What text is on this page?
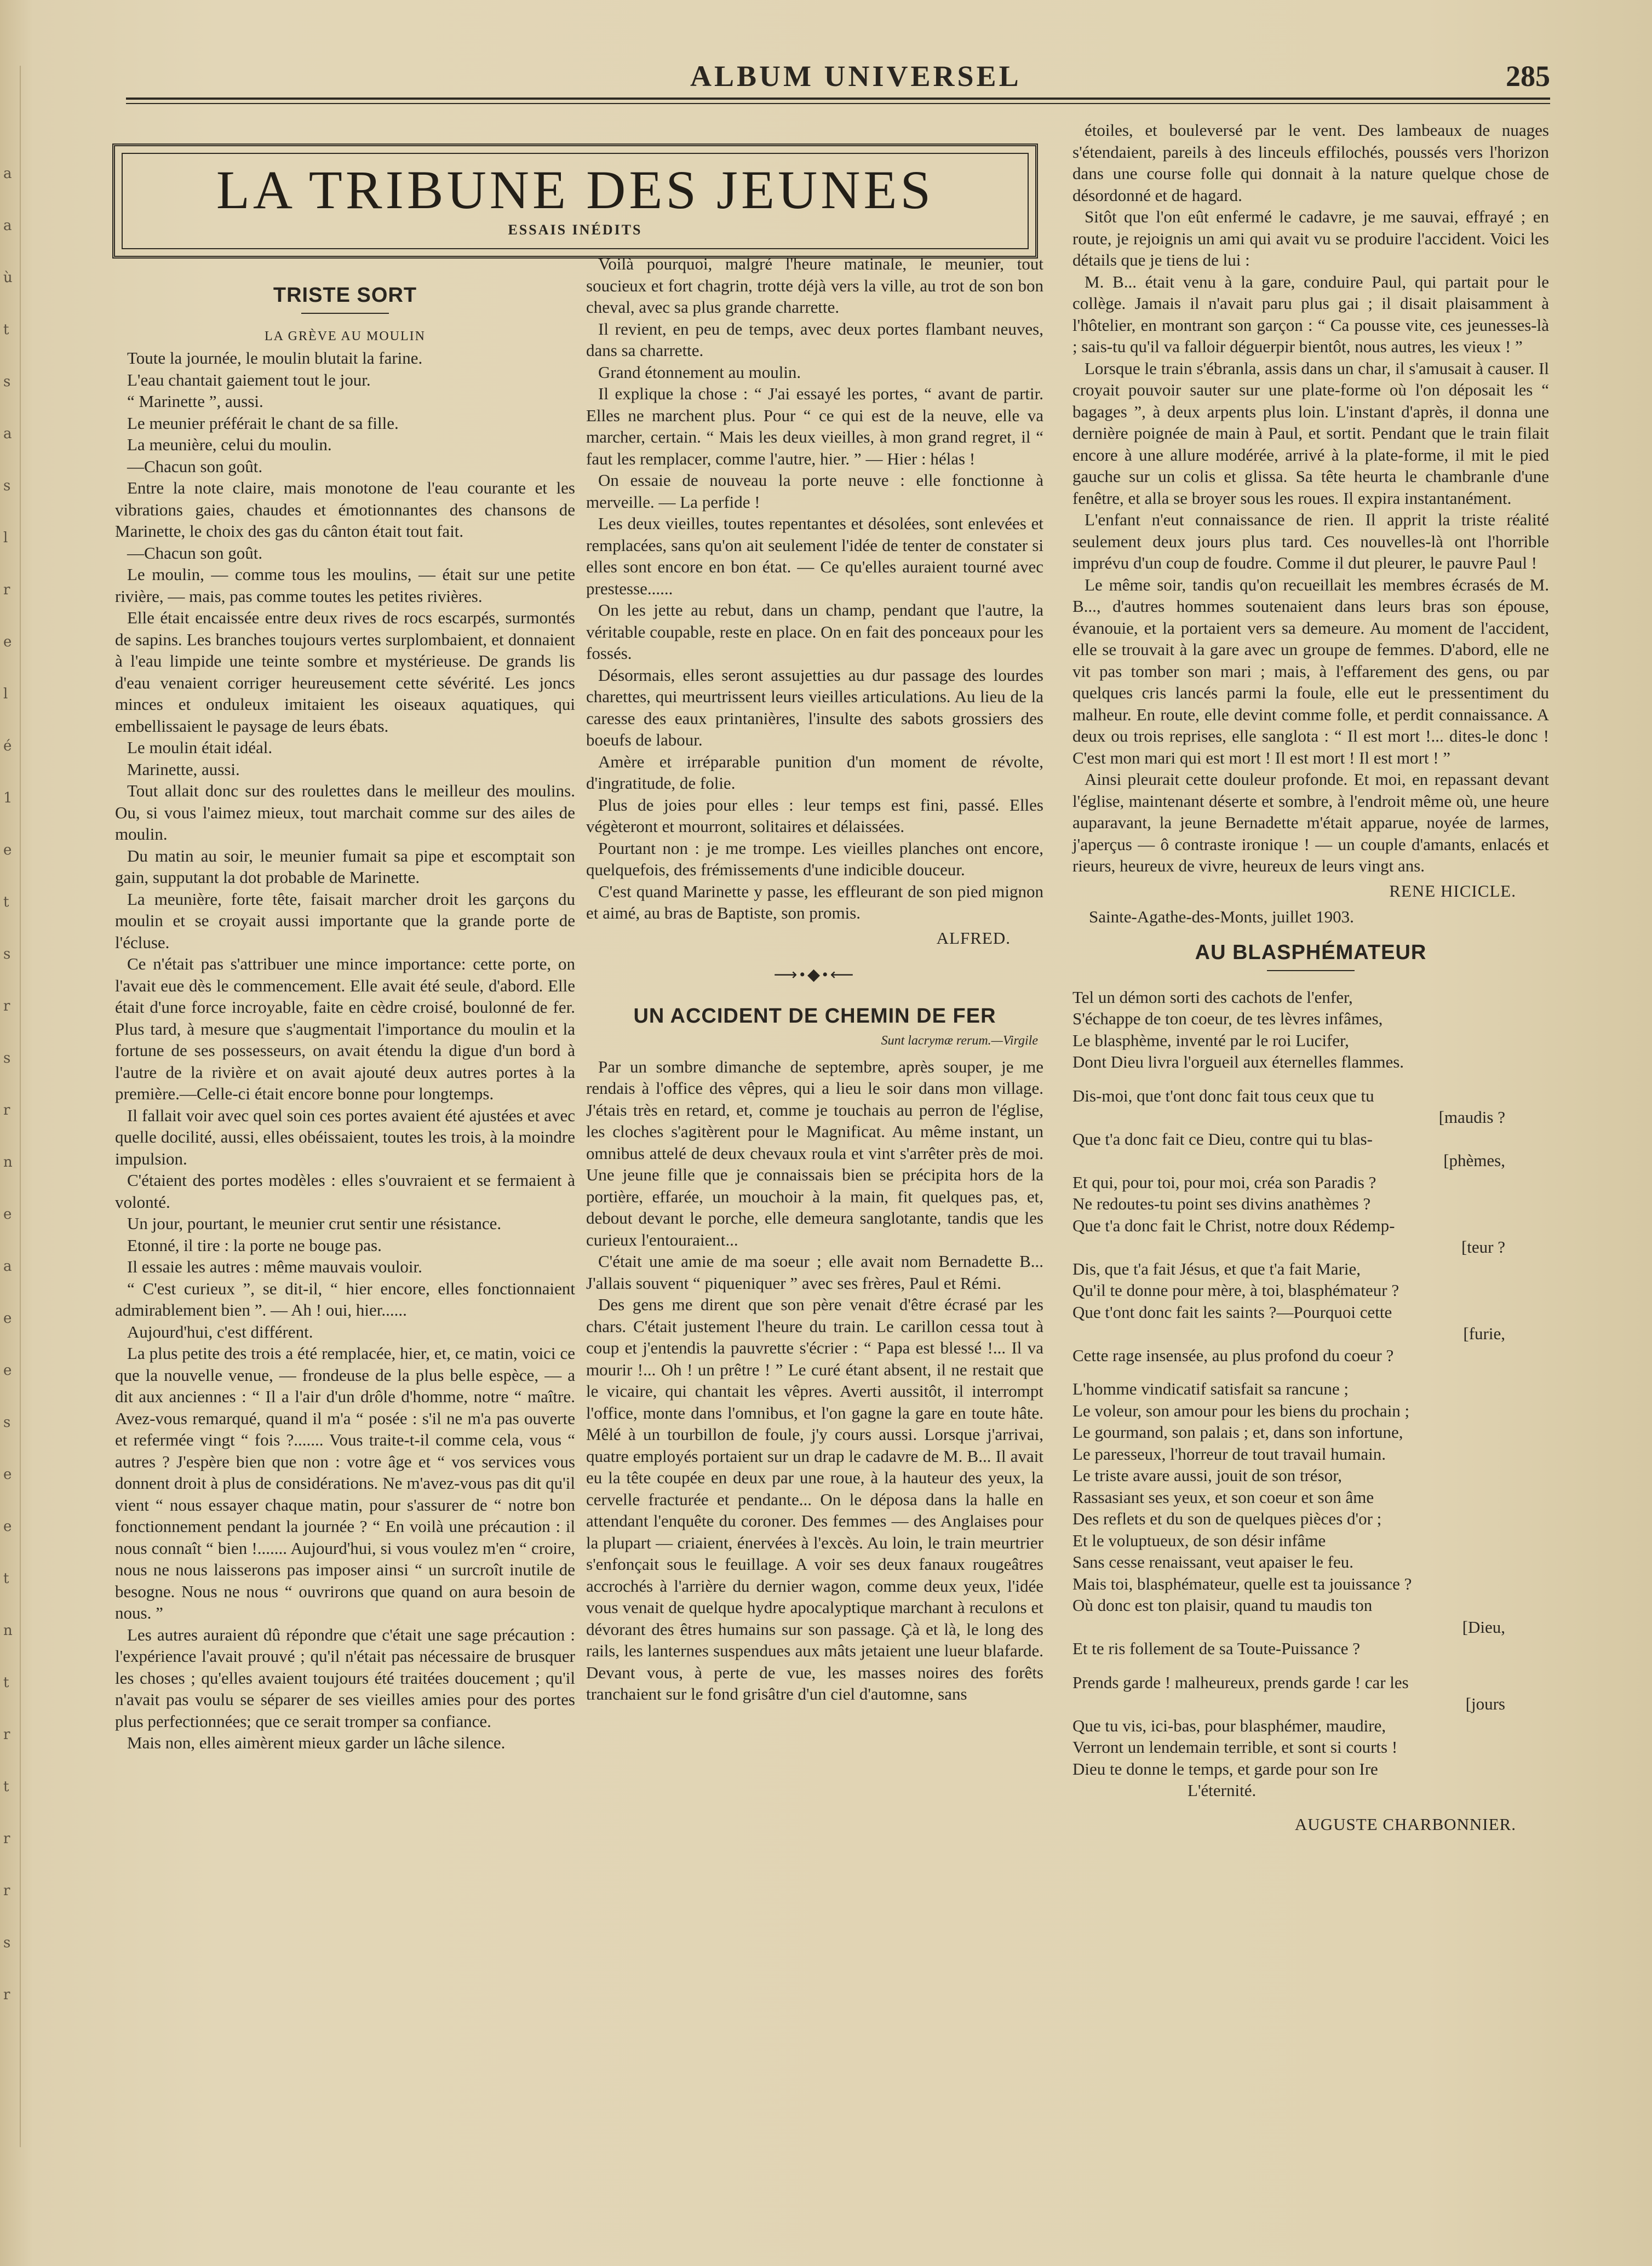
a
a
ù
t
s
a
s
l
r
e
l
é
1
e
t
s
r
s
r
n
e
a
e
e
s
e
e
t
n
t
r
t
r
r
s
r
ALBUM UNIVERSEL	285
LA TRIBUNE DES JEUNES
ESSAIS INÉDITS
TRISTE SORT
LA GRÈVE AU MOULIN

Toute la journée, le moulin blutait la farine.

L'eau chantait gaiement tout le jour.

“ Marinette ”, aussi.

Le meunier préférait le chant de sa fille.

La meunière, celui du moulin.

—Chacun son goût.

Entre la note claire, mais monotone de l'eau courante et les vibrations gaies, chaudes et émotionnantes des chansons de Marinette, le choix des gas du cânton était tout fait.

—Chacun son goût.

Le moulin, — comme tous les moulins, — était sur une petite rivière, — mais, pas comme toutes les petites rivières.

Elle était encaissée entre deux rives de rocs escarpés, surmontés de sapins. Les branches toujours vertes surplombaient, et donnaient à l'eau limpide une teinte sombre et mystérieuse. De grands lis d'eau venaient corriger heureusement cette sévérité. Les joncs minces et onduleux imitaient les oiseaux aquatiques, qui embellissaient le paysage de leurs ébats.

Le moulin était idéal.

Marinette, aussi.

Tout allait donc sur des roulettes dans le meilleur des moulins. Ou, si vous l'aimez mieux, tout marchait comme sur des ailes de moulin.

Du matin au soir, le meunier fumait sa pipe et escomptait son gain, supputant la dot probable de Marinette.

La meunière, forte tête, faisait marcher droit les garçons du moulin et se croyait aussi importante que la grande porte de l'écluse.

Ce n'était pas s'attribuer une mince importance: cette porte, on l'avait eue dès le commencement. Elle avait été seule, d'abord. Elle était d'une force incroyable, faite en cèdre croisé, boulonné de fer. Plus tard, à mesure que s'augmentait l'importance du moulin et la fortune de ses possesseurs, on avait étendu la digue d'un bord à l'autre de la rivière et on avait ajouté deux autres portes à la première.—Celle-ci était encore bonne pour longtemps.

Il fallait voir avec quel soin ces portes avaient été ajustées et avec quelle docilité, aussi, elles obéissaient, toutes les trois, à la moindre impulsion.

C'étaient des portes modèles : elles s'ouvraient et se fermaient à volonté.

Un jour, pourtant, le meunier crut sentir une résistance.

Etonné, il tire : la porte ne bouge pas.

Il essaie les autres : même mauvais vouloir.

“ C'est curieux ”, se dit-il, “ hier encore, elles fonctionnaient admirablement bien ”. — Ah ! oui, hier......

Aujourd'hui, c'est différent.

La plus petite des trois a été remplacée, hier, et, ce matin, voici ce que la nouvelle venue, — frondeuse de la plus belle espèce, — a dit aux anciennes : “ Il a l'air d'un drôle d'homme, notre “ maître. Avez-vous remarqué, quand il m'a “ posée : s'il ne m'a pas ouverte et refermée vingt “ fois ?....... Vous traite-t-il comme cela, vous “ autres ? J'espère bien que non : votre âge et “ vos services vous donnent droit à plus de considérations. Ne m'avez-vous pas dit qu'il vient “ nous essayer chaque matin, pour s'assurer de “ notre bon fonctionnement pendant la journée ? “ En voilà une précaution : il nous connaît “ bien !....... Aujourd'hui, si vous voulez m'en “ croire, nous ne nous laisserons pas imposer ainsi “ un surcroît inutile de besogne. Nous ne nous “ ouvrirons que quand on aura besoin de nous. ”

Les autres auraient dû répondre que c'était une sage précaution : l'expérience l'avait prouvé ; qu'il n'était pas nécessaire de brusquer les choses ; qu'elles avaient toujours été traitées doucement ; qu'il n'avait pas voulu se séparer de ses vieilles amies pour des portes plus perfectionnées; que ce serait tromper sa confiance.

Mais non, elles aimèrent mieux garder un lâche silence.

Voilà pourquoi, malgré l'heure matinale, le meunier, tout soucieux et fort chagrin, trotte déjà vers la ville, au trot de son bon cheval, avec sa plus grande charrette.

Il revient, en peu de temps, avec deux portes flambant neuves, dans sa charrette.

Grand étonnement au moulin.

Il explique la chose : “ J'ai essayé les portes, “ avant de partir. Elles ne marchent plus. Pour “ ce qui est de la neuve, elle va marcher, certain. “ Mais les deux vieilles, à mon grand regret, il “ faut les remplacer, comme l'autre, hier. ” — Hier : hélas !

On essaie de nouveau la porte neuve : elle fonctionne à merveille. — La perfide !

Les deux vieilles, toutes repentantes et désolées, sont enlevées et remplacées, sans qu'on ait seulement l'idée de tenter de constater si elles sont encore en bon état. — Ce qu'elles auraient tourné avec prestesse......

On les jette au rebut, dans un champ, pendant que l'autre, la véritable coupable, reste en place. On en fait des ponceaux pour les fossés.

Désormais, elles seront assujetties au dur passage des lourdes charettes, qui meurtrissent leurs vieilles articulations. Au lieu de la caresse des eaux printanières, l'insulte des sabots grossiers des boeufs de labour.

Amère et irréparable punition d'un moment de révolte, d'ingratitude, de folie.

Plus de joies pour elles : leur temps est fini, passé. Elles végèteront et mourront, solitaires et délaissées.

Pourtant non : je me trompe. Les vieilles planches ont encore, quelquefois, des frémissements d'une indicible douceur.

C'est quand Marinette y passe, les effleurant de son pied mignon et aimé, au bras de Baptiste, son promis.

ALFRED.
⟶•◆•⟵
UN ACCIDENT DE CHEMIN DE FER
Sunt lacrymæ rerum.—Virgile

Par un sombre dimanche de septembre, après souper, je me rendais à l'office des vêpres, qui a lieu le soir dans mon village. J'étais très en retard, et, comme je touchais au perron de l'église, les cloches s'agitèrent pour le Magnificat. Au même instant, un omnibus attelé de deux chevaux roula et vint s'arrêter près de moi. Une jeune fille que je connaissais bien se précipita hors de la portière, effarée, un mouchoir à la main, fit quelques pas, et, debout devant le porche, elle demeura sanglotante, tandis que les curieux l'entouraient...

C'était une amie de ma soeur ; elle avait nom Bernadette B... J'allais souvent “ piqueniquer ” avec ses frères, Paul et Rémi.

Des gens me dirent que son père venait d'être écrasé par les chars. C'était justement l'heure du train. Le carillon cessa tout à coup et j'entendis la pauvrette s'écrier : “ Papa est blessé !... Il va mourir !... Oh ! un prêtre ! ” Le curé étant absent, il ne restait que le vicaire, qui chantait les vêpres. Averti aussitôt, il interrompt l'office, monte dans l'omnibus, et l'on gagne la gare en toute hâte. Mêlé à un tourbillon de foule, j'y cours aussi. Lorsque j'arrivai, quatre employés portaient sur un drap le cadavre de M. B... Il avait eu la tête coupée en deux par une roue, à la hauteur des yeux, la cervelle fracturée et pendante... On le déposa dans la halle en attendant l'enquête du coroner. Des femmes — des Anglaises pour la plupart — criaient, énervées à l'excès. Au loin, le train meurtrier s'enfonçait sous le feuillage. A voir ses deux fanaux rougeâtres accrochés à l'arrière du dernier wagon, comme deux yeux, l'idée vous venait de quelque hydre apocalyptique marchant à reculons et dévorant des êtres humains sur son passage. Çà et là, le long des rails, les lanternes suspendues aux mâts jetaient une lueur blafarde. Devant vous, à perte de vue, les masses noires des forêts tranchaient sur le fond grisâtre d'un ciel d'automne, sans

étoiles, et bouleversé par le vent. Des lambeaux de nuages s'étendaient, pareils à des linceuls effilochés, poussés vers l'horizon dans une course folle qui donnait à la nature quelque chose de désordonné et de hagard.

Sitôt que l'on eût enfermé le cadavre, je me sauvai, effrayé ; en route, je rejoignis un ami qui avait vu se produire l'accident. Voici les détails que je tiens de lui :

M. B... était venu à la gare, conduire Paul, qui partait pour le collège. Jamais il n'avait paru plus gai ; il disait plaisamment à l'hôtelier, en montrant son garçon : “ Ca pousse vite, ces jeunesses-là ; sais-tu qu'il va falloir déguerpir bientôt, nous autres, les vieux ! ”

Lorsque le train s'ébranla, assis dans un char, il s'amusait à causer. Il croyait pouvoir sauter sur une plate-forme où l'on déposait les “ bagages ”, à deux arpents plus loin. L'instant d'après, il donna une dernière poignée de main à Paul, et sortit. Pendant que le train filait encore à une allure modérée, arrivé à la plate-forme, il mit le pied gauche sur un colis et glissa. Sa tête heurta le chambranle d'une fenêtre, et alla se broyer sous les roues. Il expira instantanément.

L'enfant n'eut connaissance de rien. Il apprit la triste réalité seulement deux jours plus tard. Ces nouvelles-là ont l'horrible imprévu d'un coup de foudre. Comme il dut pleurer, le pauvre Paul !

Le même soir, tandis qu'on recueillait les membres écrasés de M. B..., d'autres hommes soutenaient dans leurs bras son épouse, évanouie, et la portaient vers sa demeure. Au moment de l'accident, elle se trouvait à la gare avec un groupe de femmes. D'abord, elle ne vit pas tomber son mari ; mais, à l'effarement des gens, ou par quelques cris lancés parmi la foule, elle eut le pressentiment du malheur. En route, elle devint comme folle, et perdit connaissance. A deux ou trois reprises, elle sanglota : “ Il est mort !... dites-le donc ! C'est mon mari qui est mort ! Il est mort ! Il est mort ! ”

Ainsi pleurait cette douleur profonde. Et moi, en repassant devant l'église, maintenant déserte et sombre, à l'endroit même où, une heure auparavant, la jeune Bernadette m'était apparue, noyée de larmes, j'aperçus — ô contraste ironique ! — un couple d'amants, enlacés et rieurs, heureux de vivre, heureux de leurs vingt ans.

RENE HICICLE.
Sainte-Agathe-des-Monts, juillet 1903.
AU BLASPHÉMATEUR
Tel un démon sorti des cachots de l'enfer,
S'échappe de ton coeur, de tes lèvres infâmes,
Le blasphème, inventé par le roi Lucifer,
Dont Dieu livra l'orgueil aux éternelles flammes.
Dis-moi, que t'ont donc fait tous ceux que tu
[maudis ?
Que t'a donc fait ce Dieu, contre qui tu blas-
[phèmes,
Et qui, pour toi, pour moi, créa son Paradis ?
Ne redoutes-tu point ses divins anathèmes ?
Que t'a donc fait le Christ, notre doux Rédemp-
[teur ?
Dis, que t'a fait Jésus, et que t'a fait Marie,
Qu'il te donne pour mère, à toi, blasphémateur ?
Que t'ont donc fait les saints ?—Pourquoi cette
[furie,
Cette rage insensée, au plus profond du coeur ?
L'homme vindicatif satisfait sa rancune ;
Le voleur, son amour pour les biens du prochain ;
Le gourmand, son palais ; et, dans son infortune,
Le paresseux, l'horreur de tout travail humain.
Le triste avare aussi, jouit de son trésor,
Rassasiant ses yeux, et son coeur et son âme
Des reflets et du son de quelques pièces d'or ;
Et le voluptueux, de son désir infâme
Sans cesse renaissant, veut apaiser le feu.
Mais toi, blasphémateur, quelle est ta jouissance ?
Où donc est ton plaisir, quand tu maudis ton
[Dieu,
Et te ris follement de sa Toute-Puissance ?
Prends garde ! malheureux, prends garde ! car les
[jours
Que tu vis, ici-bas, pour blasphémer, maudire,
Verront un lendemain terrible, et sont si courts !
Dieu te donne le temps, et garde pour son Ire
L'éternité.
AUGUSTE CHARBONNIER.
